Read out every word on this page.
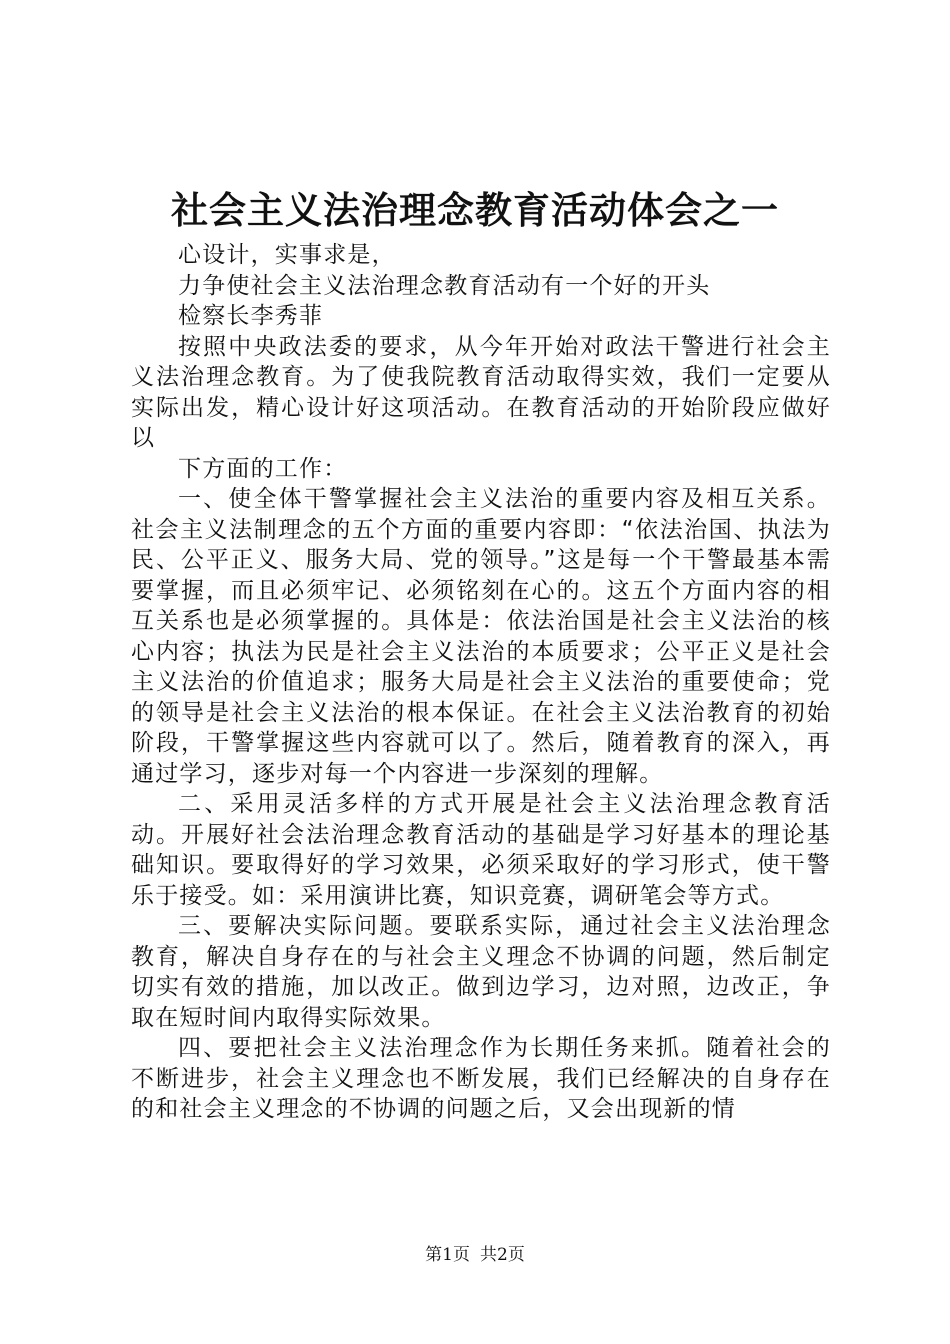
社会主义法治理念教育活动体会之一

心设计，实事求是，

力争使社会主义法治理念教育活动有一个好的开头

检察长李秀菲

按照中央政法委的要求，从今年开始对政法干警进行社会主义法治理念教育。为了使我院教育活动取得实效，我们一定要从实际出发，精心设计好这项活动。在教育活动的开始阶段应做好以

下方面的工作：

一、使全体干警掌握社会主义法治的重要内容及相互关系。社会主义法制理念的五个方面的重要内容即：“依法治国、执法为民、公平正义、服务大局、党的领导。”这是每一个干警最基本需要掌握，而且必须牢记、必须铭刻在心的。这五个方面内容的相互关系也是必须掌握的。具体是：依法治国是社会主义法治的核心内容；执法为民是社会主义法治的本质要求；公平正义是社会主义法治的价值追求；服务大局是社会主义法治的重要使命；党的领导是社会主义法治的根本保证。在社会主义法治教育的初始阶段，干警掌握这些内容就可以了。然后，随着教育的深入，再通过学习，逐步对每一个内容进一步深刻的理解。

二、采用灵活多样的方式开展是社会主义法治理念教育活动。开展好社会法治理念教育活动的基础是学习好基本的理论基础知识。要取得好的学习效果，必须采取好的学习形式，使干警乐于接受。如：采用演讲比赛，知识竞赛，调研笔会等方式。

三、要解决实际问题。要联系实际，通过社会主义法治理念教育，解决自身存在的与社会主义理念不协调的问题，然后制定切实有效的措施，加以改正。做到边学习，边对照，边改正，争取在短时间内取得实际效果。

四、要把社会主义法治理念作为长期任务来抓。随着社会的不断进步，社会主义理念也不断发展，我们已经解决的自身存在的和社会主义理念的不协调的问题之后，又会出现新的情

第1页 共2页
